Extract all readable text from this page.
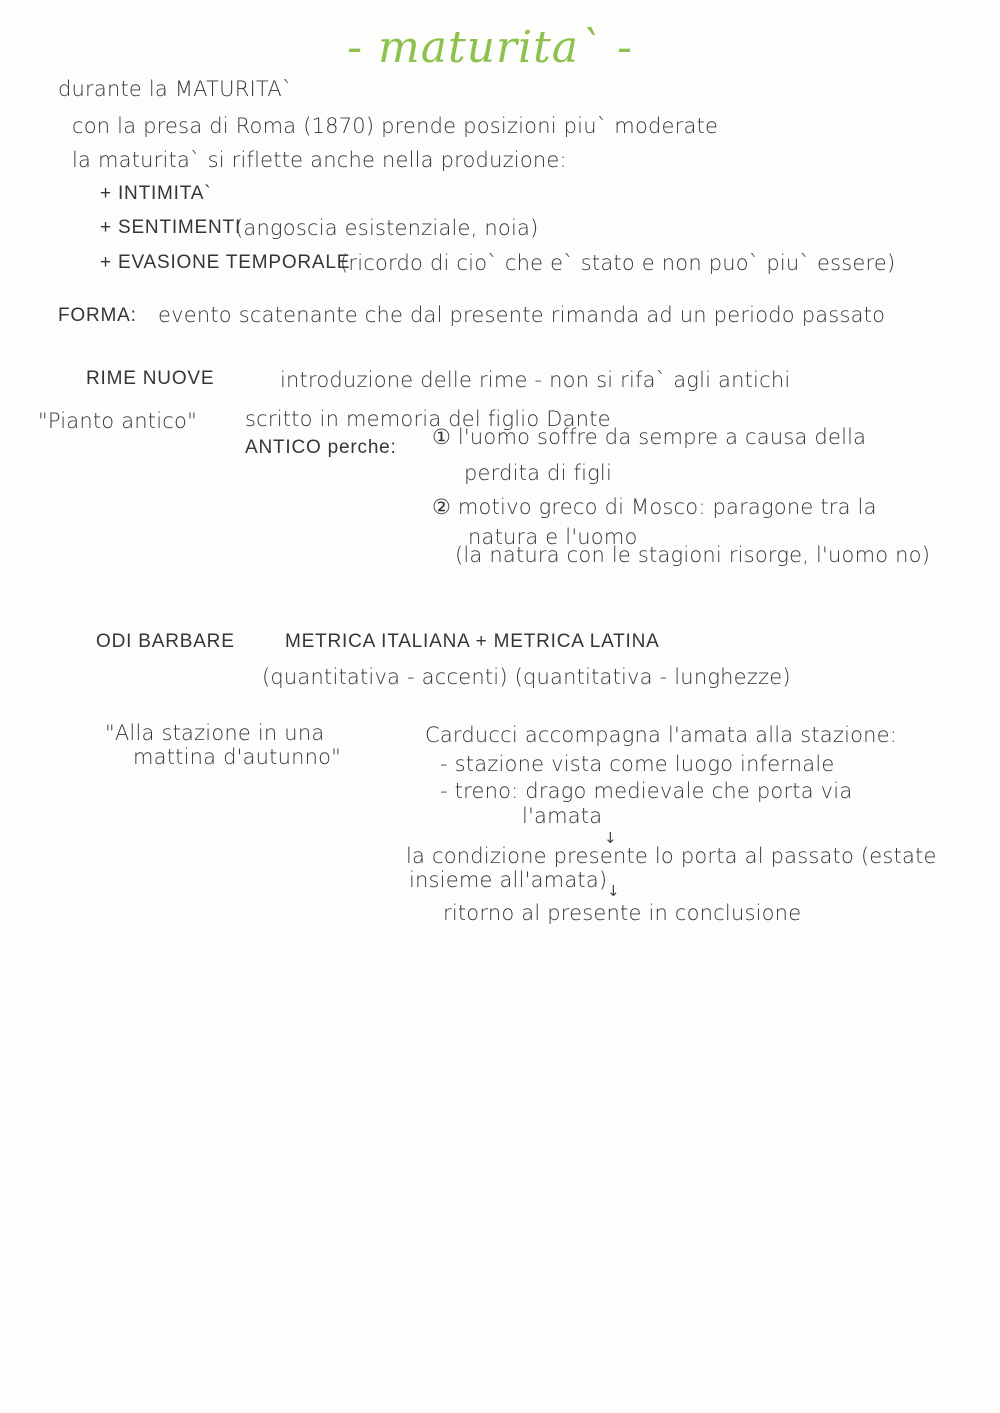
- maturita` -
durante la MATURITA`
con la presa di Roma (1870) prende posizioni piu` moderate
la maturita` si riflette anche nella produzione:
+ INTIMITA`
+ SENTIMENTI
(angoscia esistenziale, noia)
+ EVASIONE TEMPORALE
(ricordo di cio` che e` stato e non puo` piu` essere)
FORMA: evento scatenante che dal presente rimanda ad un periodo passato
RIME NUOVE	introduzione delle rime - non si rifa` agli antichi
"Pianto antico" scritto in memoria del figlio Dante
ANTICO perche: ① l'uomo soffre da sempre a causa della
perdita di figli
② motivo greco di Mosco: paragone tra la
natura e l'uomo
(la natura con le stagioni risorge, l'uomo no)
ODI BARBARE	METRICA ITALIANA + METRICA LATINA
(quantitativa - accenti) (quantitativa - lunghezze)
"Alla stazione in una
mattina d'autunno"
Carducci accompagna l'amata alla stazione:
- stazione vista come luogo infernale
- treno: drago medievale che porta via
l'amata
↓
la condizione presente lo porta al passato (estate
insieme all'amata) ↓
ritorno al presente in conclusione
